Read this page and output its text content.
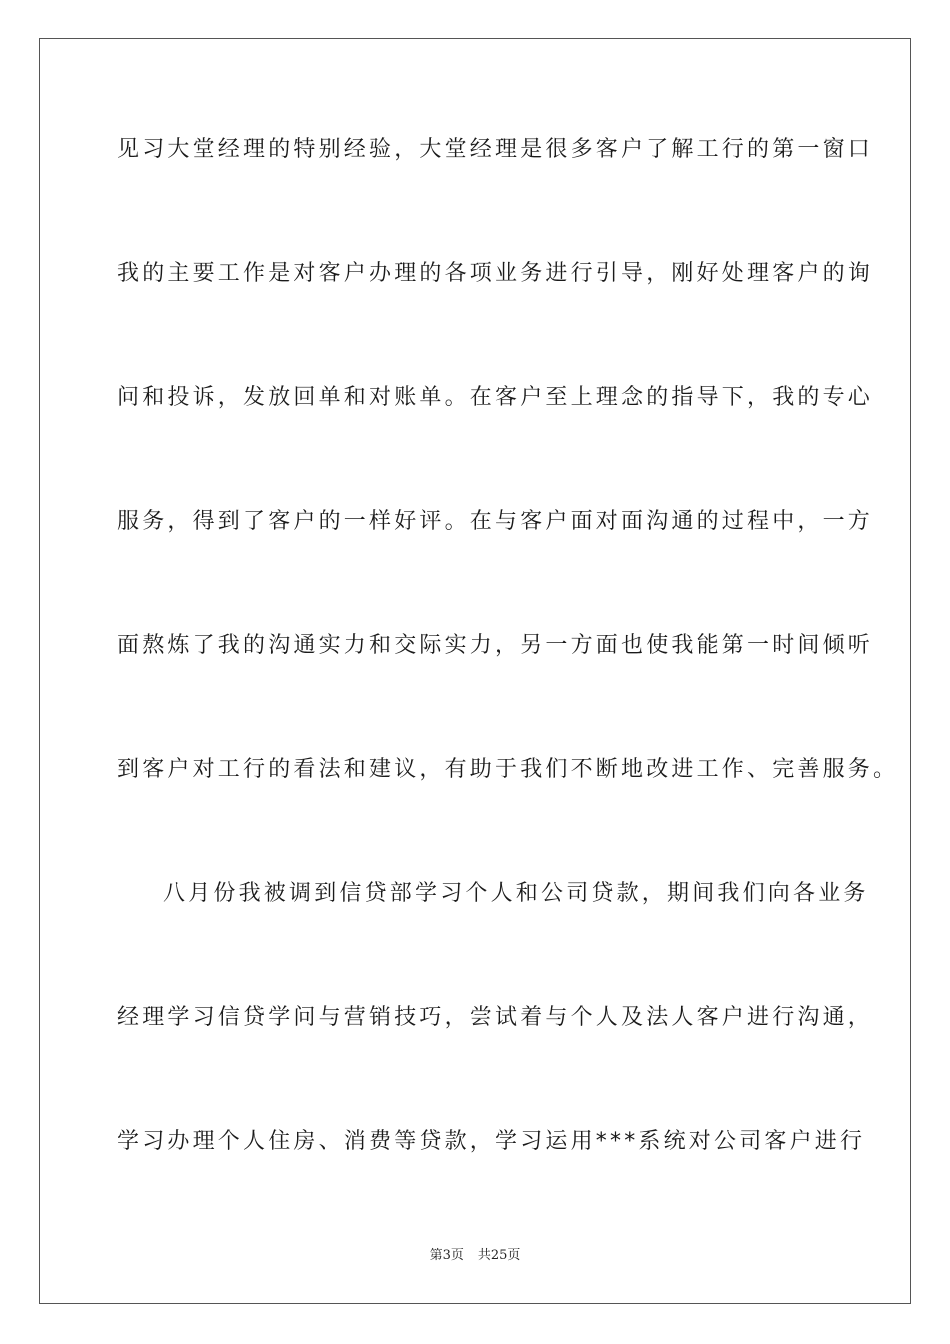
见习大堂经理的特别经验，大堂经理是很多客户了解工行的第一窗口
我的主要工作是对客户办理的各项业务进行引导，刚好处理客户的询
问和投诉，发放回单和对账单。在客户至上理念的指导下，我的专心
服务，得到了客户的一样好评。在与客户面对面沟通的过程中，一方
面熬炼了我的沟通实力和交际实力，另一方面也使我能第一时间倾听
到客户对工行的看法和建议，有助于我们不断地改进工作、完善服务。
八月份我被调到信贷部学习个人和公司贷款，期间我们向各业务
经理学习信贷学问与营销技巧，尝试着与个人及法人客户进行沟通，
学习办理个人住房、消费等贷款，学习运用***系统对公司客户进行
第3页 共25页
